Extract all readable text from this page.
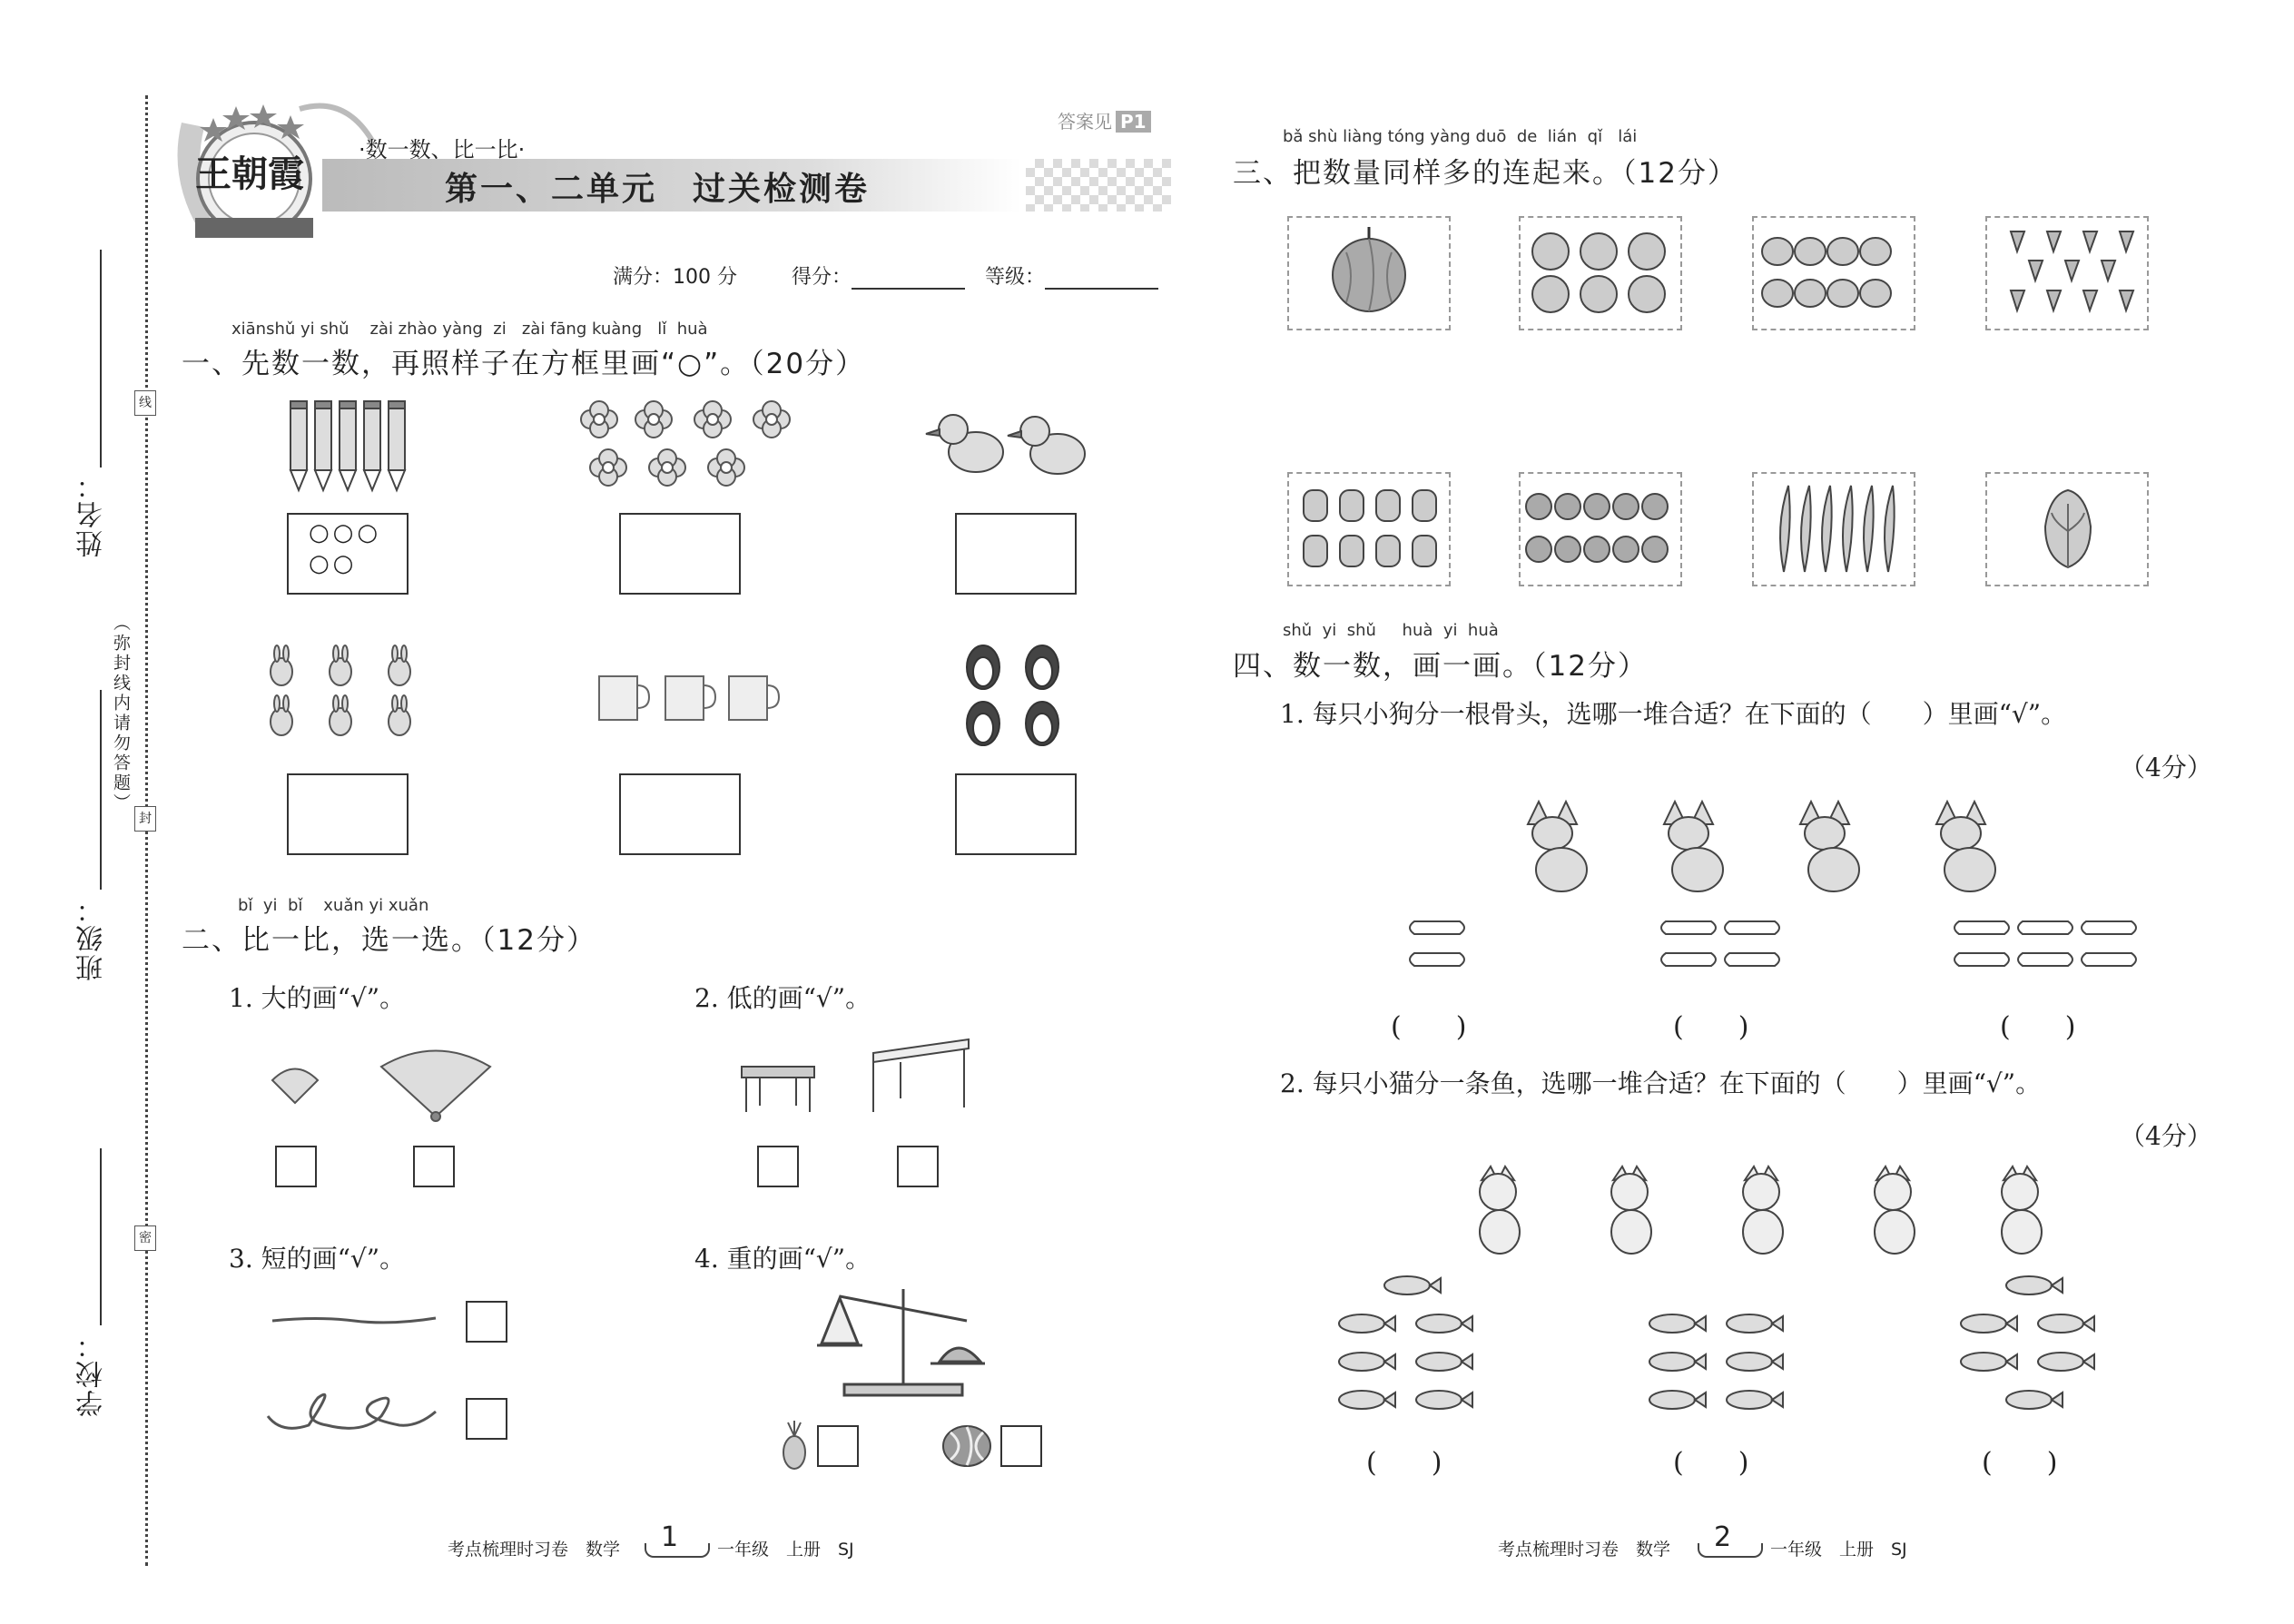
姓名：
班级：
学校：
线
封
密
（弥封线内请勿答题）
王朝霞
·数一数、比一比·
第一、二单元　过关检测卷
答案见 P1
满分：100 分	得分：	等级：
xiānshǔ yi shǔ    zài zhào yàng  zi   zài fāng kuàng   lǐ  huà
一、先数一数，再照样子在方框里画“○”。（20分）
○○○
○○
bǐ  yi  bǐ    xuǎn yi xuǎn
二、比一比，选一选。（12分）
1. 大的画“√”。	2. 低的画“√”。
3. 短的画“√”。	4. 重的画“√”。
bǎ shù liàng tóng yàng duō  de  lián  qǐ   lái
三、把数量同样多的连起来。（12分）
shǔ  yi  shǔ     huà  yi  huà
四、数一数，画一画。（12分）
1. 每只小狗分一根骨头，选哪一堆合适？在下面的（　　）里画“√”。
（4分）
(　　)	(　　)	(　　)
2. 每只小猫分一条鱼，选哪一堆合适？在下面的（　　）里画“√”。
（4分）
(　　)	(　　)	(　　)
考点梳理时习卷　数学 1 一年级　上册　SJ	考点梳理时习卷　数学 2 一年级　上册　SJ
